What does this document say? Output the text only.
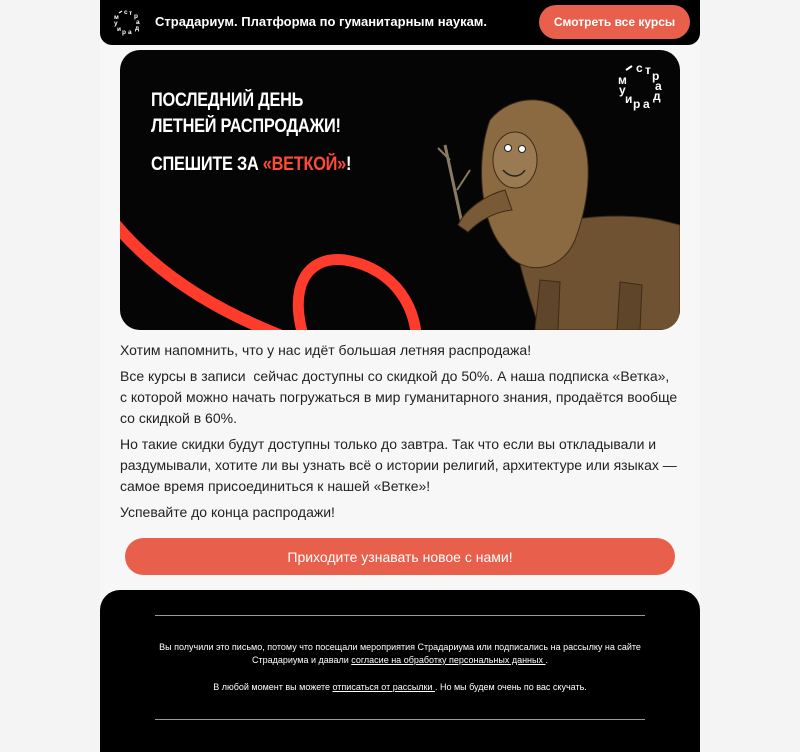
с т р
а
д
а
р
и
у
м	Страдариум. Платформа по гуманитарным наукам.	Смотреть все курсы
ПОСЛЕДНИЙ ДЕНЬ
ЛЕТНЕЙ РАСПРОДАЖИ!
СПЕШИТЕ ЗА «ВЕТКОЙ»!
с т р
а
д
а
р
и
у
м
Хотим напомнить, что у нас идёт большая летняя распродажа!
Все курсы в записи  сейчас доступны со скидкой до 50%. А наша подписка «Ветка», с которой можно начать погружаться в мир гуманитарного знания, продаётся вообще со скидкой в 60%.
Но такие скидки будут доступны только до завтра. Так что если вы откладывали и раздумывали, хотите ли вы узнать всё о истории религий, архитектуре или языках — самое время присоединиться к нашей «Ветке»!
Успевайте до конца распродажи!
Приходите узнавать новое с нами!
Вы получили это письмо, потому что посещали мероприятия Страдариума или подписались на рассылку на сайте Страдариума и давали согласие на обработку персональных данных .
В любой момент вы можете отписаться от рассылки . Но мы будем очень по вас скучать.
